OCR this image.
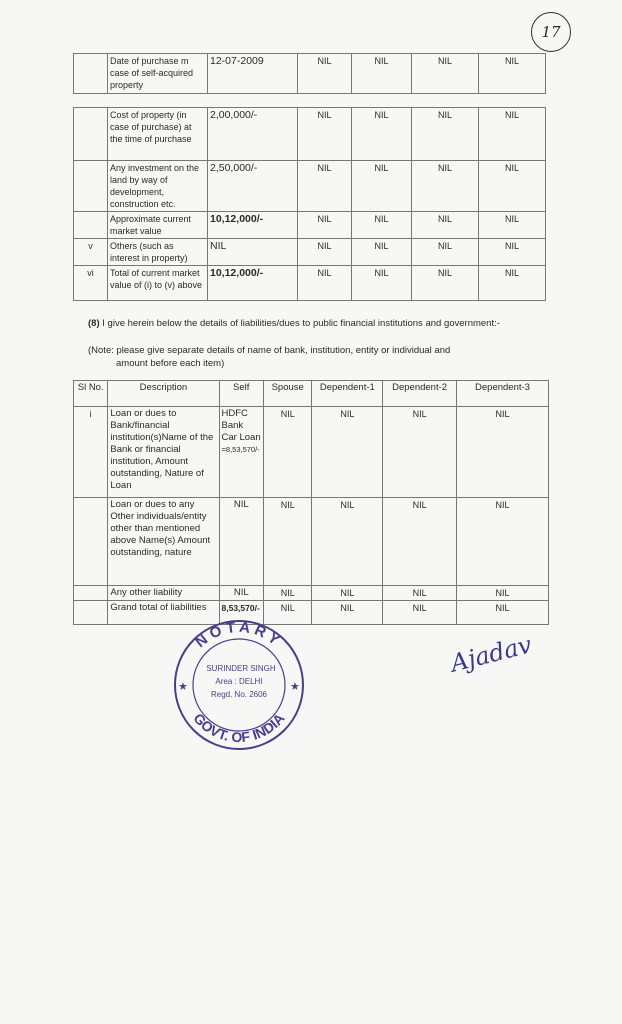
17
	Date of purchase m case of self-acquired property	12-07-2009	NIL	NIL	NIL	NIL
	Cost of property (in case of purchase) at the time of purchase	2,00,000/-	NIL	NIL	NIL	NIL
	Any investment on the land by way of development, construction etc.	2,50,000/-	NIL	NIL	NIL	NIL
	Approximate current market value	10,12,000/-	NIL	NIL	NIL	NIL
v	Others (such as interest in property)	NIL	NIL	NIL	NIL	NIL
vi	Total of current market value of (i) to (v) above	10,12,000/-	NIL	NIL	NIL	NIL
(8) I give herein below the details of liabilities/dues to public financial institutions and government:-
(Note: please give separate details of name of bank, institution, entity or individual and
amount before each item)
Sl No.	Description	Self	Spouse	Dependent-1	Dependent-2	Dependent-3
i	Loan or dues to Bank/financial institution(s)Name of the Bank or financial institution, Amount outstanding, Nature of Loan	HDFC Bank Car Loan
=8,53,570/-	NIL	NIL	NIL	NIL
	Loan or dues to any Other individuals/entity other than mentioned above Name(s) Amount outstanding, nature	NIL	NIL	NIL	NIL	NIL
	Any other liability	NIL	NIL	NIL	NIL	NIL
	Grand total of liabilities	8,53,570/-	NIL	NIL	NIL	NIL
NOTARY
GOVT. OF INDIA
★	★
SURINDER SINGH
Area : DELHI
Regd. No. 2606
Ajadav
